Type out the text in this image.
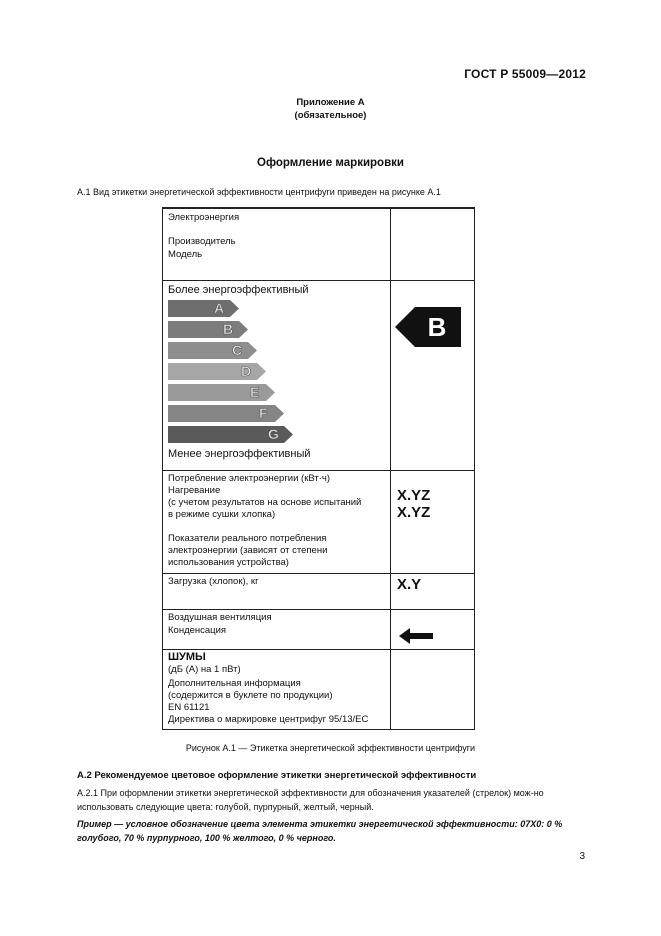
ГОСТ Р 55009—2012
Приложение А
(обязательное)
Оформление маркировки
А.1 Вид этикетки энергетической эффективности центрифуги приведен на рисунке А.1
Электроэнергия
Производитель
Модель
Более энергоэффективный
A
B
C
D
E
F
G
Менее энергоэффективный
B
Потребление электроэнергии (кВт·ч)
Нагревание
(с учетом результатов на основе испытаний
в режиме сушки хлопка)
Показатели реального потребления
электроэнергии (зависят от степени
использования устройства)
X.YZ
X.YZ
Загрузка (хлопок), кг	X.Y
Воздушная вентиляция
Конденсация
ШУМЫ
(дБ (А) на 1 пВт)
Дополнительная информация
(содержится в буклете по продукции)
EN 61121
Директива о маркировке центрифуг 95/13/ЕС
Рисунок А.1 — Этикетка энергетической эффективности центрифуги
А.2 Рекомендуемое цветовое оформление этикетки энергетической эффективности
А.2.1 При оформлении этикетки энергетической эффективности для обозначения указателей (стрелок) мож-но использовать следующие цвета: голубой, пурпурный, желтый, черный.
Пример — условное обозначение цвета элемента этикетки энергетической эффективности: 07X0: 0 % голубого, 70 % пурпурного, 100 % желтого, 0 % черного.
3
